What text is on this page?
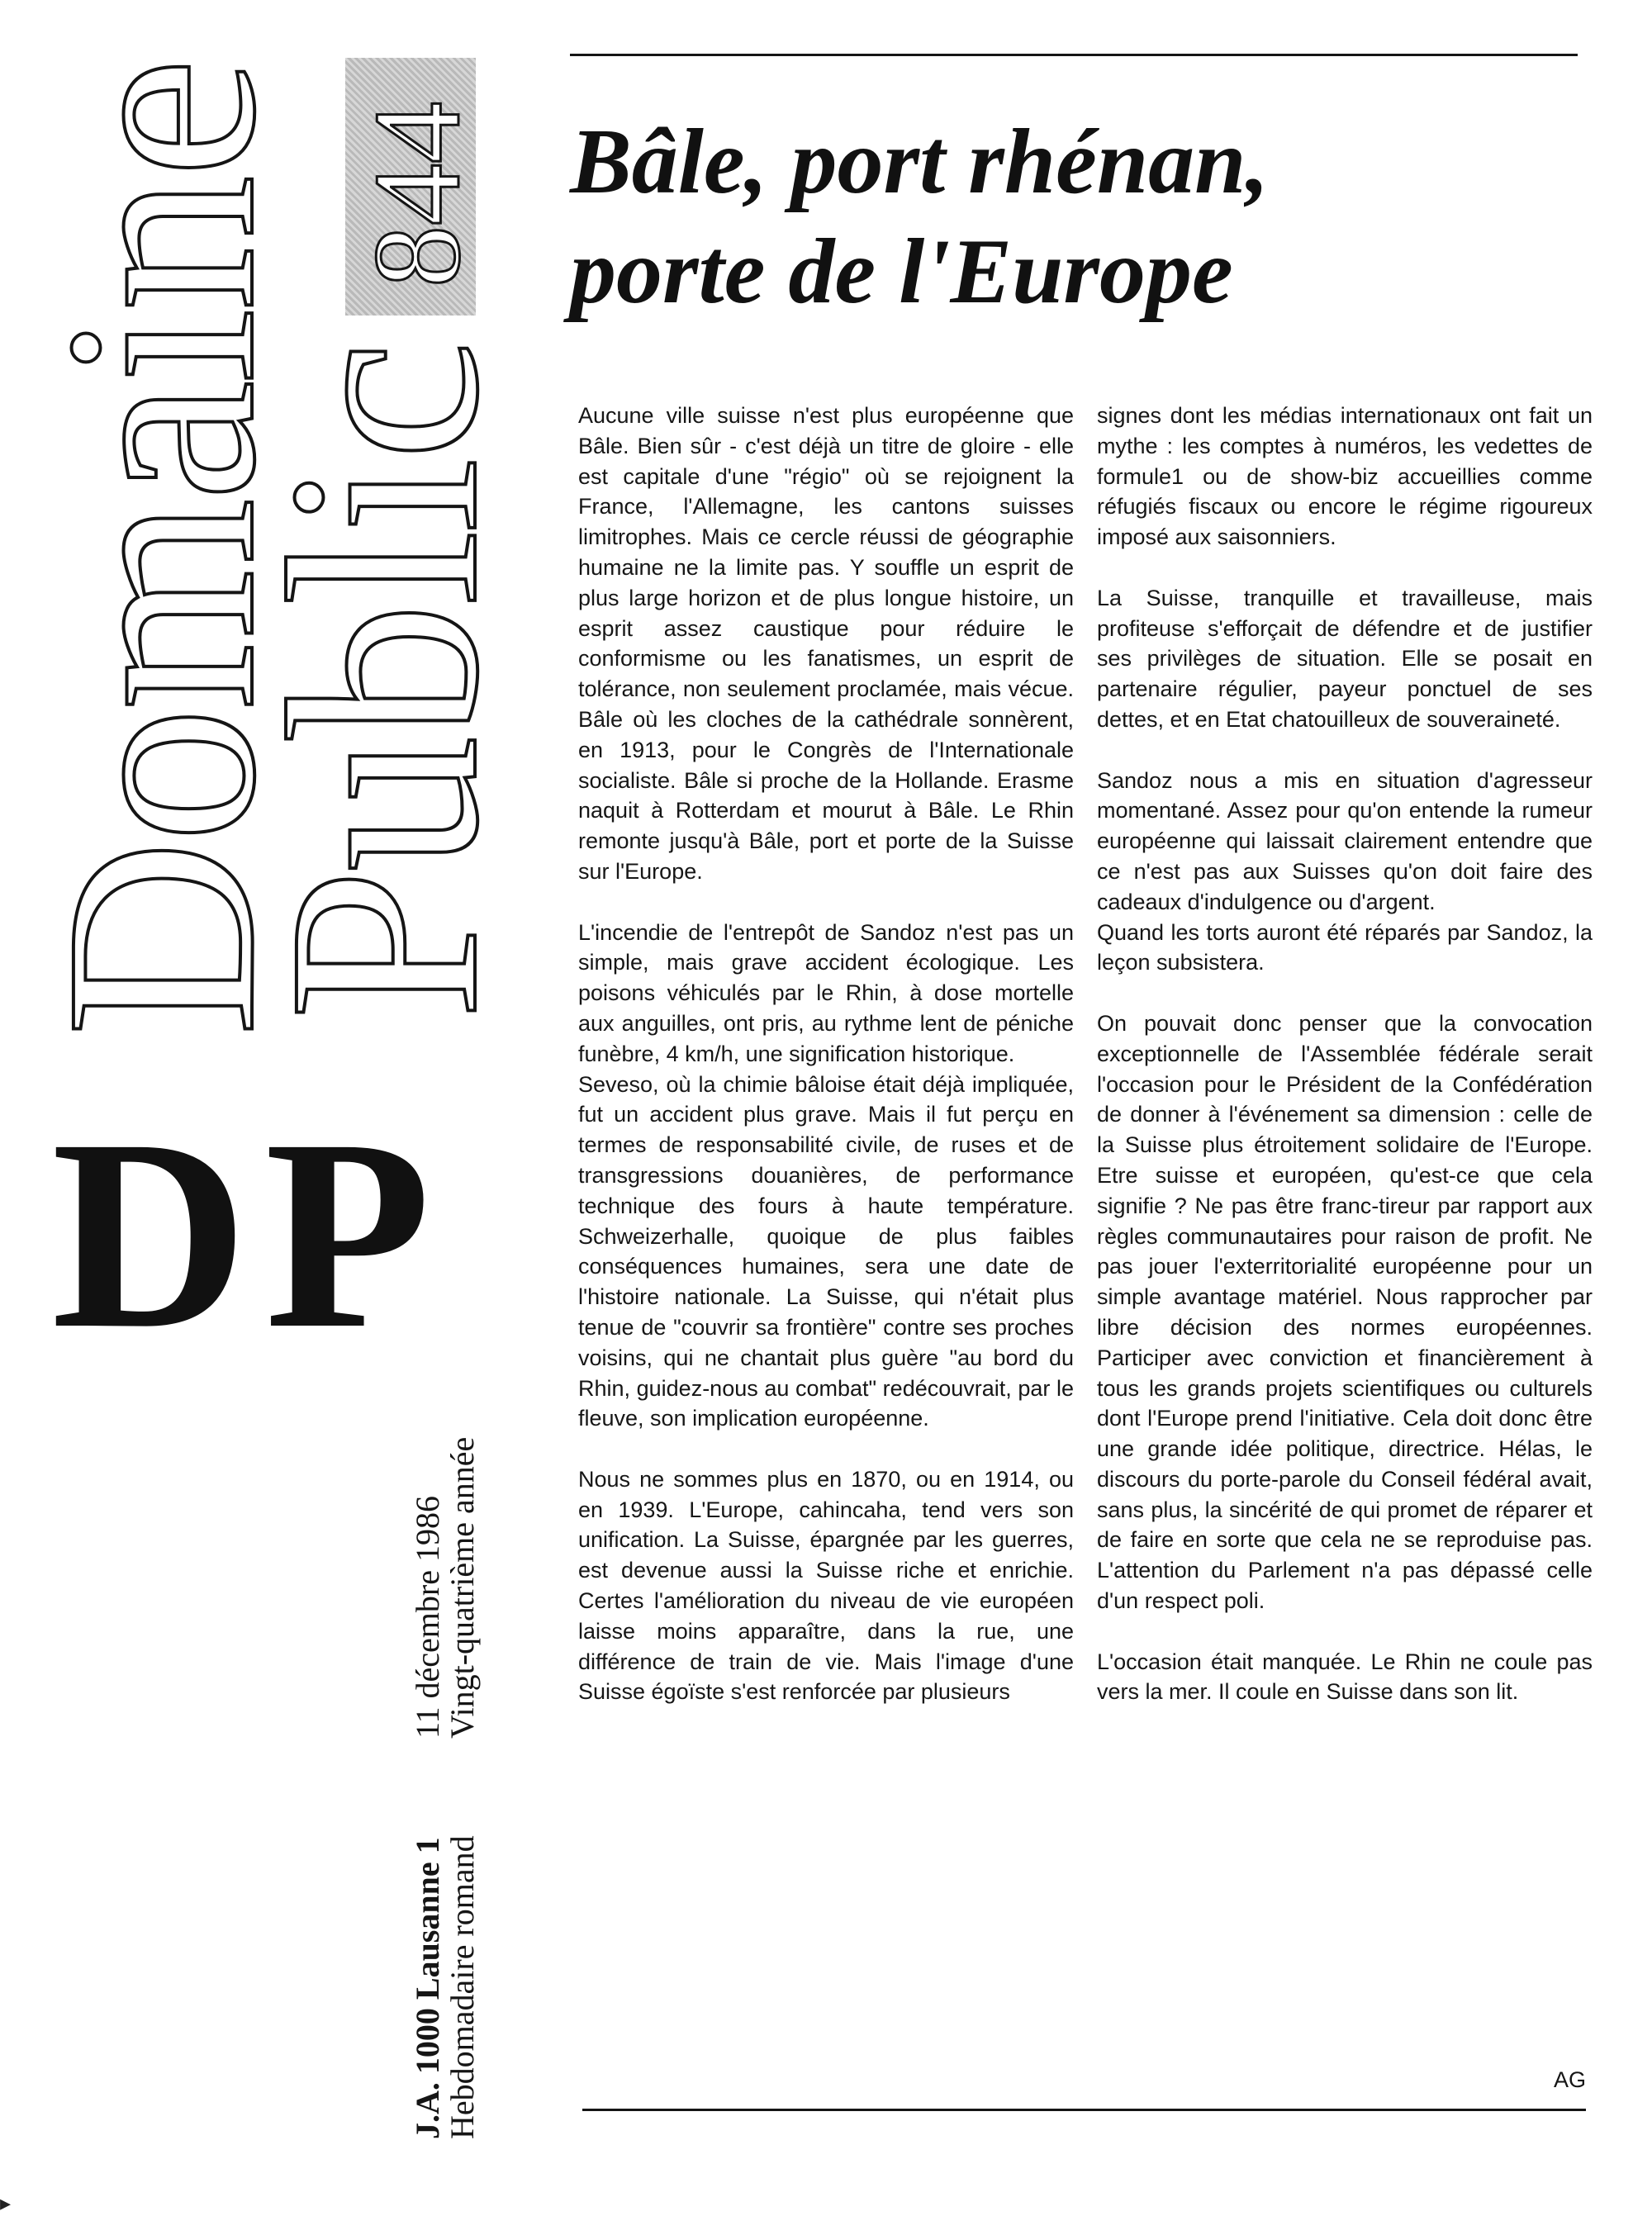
Domaine
Public
844
DP
J.A. 1000 Lausanne 1
Hebdomadaire romand
11 décembre 1986
Vingt-quatrième année
Bâle, port rhénan,
porte de l'Europe

Aucune ville suisse n'est plus européenne que Bâle. Bien sûr - c'est déjà un titre de gloire - elle est capitale d'une "régio" où se rejoignent la France, l'Allemagne, les cantons suisses limitrophes. Mais ce cercle réussi de géographie humaine ne la limite pas. Y souffle un esprit de plus large horizon et de plus longue histoire, un esprit assez caustique pour réduire le conformisme ou les fanatismes, un esprit de tolérance, non seulement proclamée, mais vécue. Bâle où les cloches de la cathédrale sonnèrent, en 1913, pour le Congrès de l'Internationale socialiste. Bâle si proche de la Hollande. Erasme naquit à Rotterdam et mourut à Bâle. Le Rhin remonte jusqu'à Bâle, port et porte de la Suisse sur l'Europe.

L'incendie de l'entrepôt de Sandoz n'est pas un simple, mais grave accident écologique. Les poisons véhiculés par le Rhin, à dose mortelle aux anguilles, ont pris, au rythme lent de péniche funèbre, 4 km/h, une signification historique.

Seveso, où la chimie bâloise était déjà impliquée, fut un accident plus grave. Mais il fut perçu en termes de responsabilité civile, de ruses et de transgressions douanières, de performance technique des fours à haute température. Schweizerhalle, quoique de plus faibles conséquences humaines, sera une date de l'histoire nationale. La Suisse, qui n'était plus tenue de "couvrir sa frontière" contre ses proches voisins, qui ne chantait plus guère "au bord du Rhin, guidez-nous au combat" redécouvrait, par le fleuve, son implication européenne.

Nous ne sommes plus en 1870, ou en 1914, ou en 1939. L'Europe, cahincaha, tend vers son unification. La Suisse, épargnée par les guerres, est devenue aussi la Suisse riche et enrichie. Certes l'amélioration du niveau de vie européen laisse moins apparaître, dans la rue, une différence de train de vie. Mais l'image d'une Suisse égoïste s'est renforcée par plusieurs

signes dont les médias internationaux ont fait un mythe : les comptes à numéros, les vedettes de formule1 ou de show-biz accueillies comme réfugiés fiscaux ou encore le régime rigoureux imposé aux saisonniers.

La Suisse, tranquille et travailleuse, mais profiteuse s'efforçait de défendre et de justifier ses privilèges de situation. Elle se posait en partenaire régulier, payeur ponctuel de ses dettes, et en Etat chatouilleux de souveraineté.

Sandoz nous a mis en situation d'agresseur momentané. Assez pour qu'on entende la rumeur européenne qui laissait clairement entendre que ce n'est pas aux Suisses qu'on doit faire des cadeaux d'indulgence ou d'argent.

Quand les torts auront été réparés par Sandoz, la leçon subsistera.

On pouvait donc penser que la convocation exceptionnelle de l'Assemblée fédérale serait l'occasion pour le Président de la Confédération de donner à l'événement sa dimension : celle de la Suisse plus étroitement solidaire de l'Europe. Etre suisse et européen, qu'est-ce que cela signifie ? Ne pas être franc-tireur par rapport aux règles communautaires pour raison de profit. Ne pas jouer l'exterritorialité européenne pour un simple avantage matériel. Nous rapprocher par libre décision des normes européennes. Participer avec conviction et financièrement à tous les grands projets scientifiques ou culturels dont l'Europe prend l'initiative. Cela doit donc être une grande idée politique, directrice. Hélas, le discours du porte-parole du Conseil fédéral avait, sans plus, la sincérité de qui promet de réparer et de faire en sorte que cela ne se reproduise pas. L'attention du Parlement n'a pas dépassé celle d'un respect poli.

L'occasion était manquée. Le Rhin ne coule pas vers la mer. Il coule en Suisse dans son lit.

AG
▸
